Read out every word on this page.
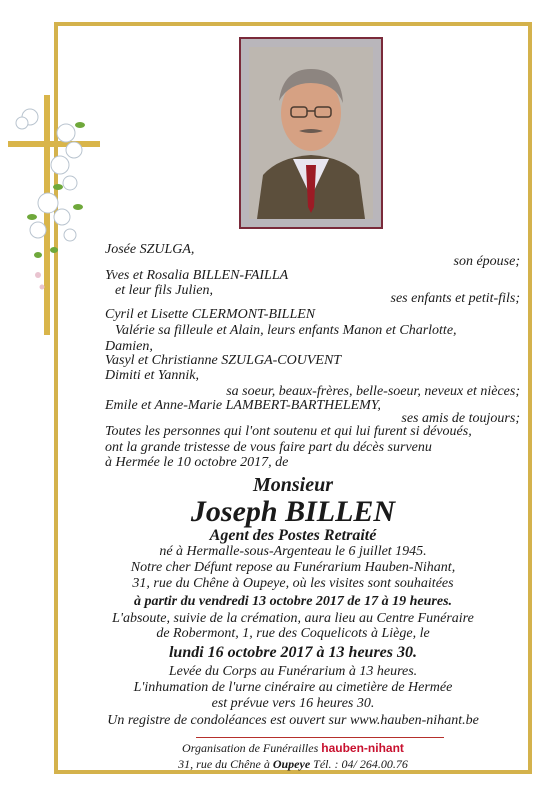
Josée SZULGA,
son épouse;
Yves et Rosalia BILLEN-FAILLA
et leur fils Julien,
ses enfants et petit-fils;
Cyril et Lisette CLERMONT-BILLEN
Valérie sa filleule et Alain, leurs enfants Manon et Charlotte,
Damien,
Vasyl et Christianne SZULGA-COUVENT
Dimiti et Yannik,
sa soeur, beaux-frères, belle-soeur, neveux et nièces;
Emile et Anne-Marie LAMBERT-BARTHELEMY,
ses amis de toujours;
Toutes les personnes qui l'ont soutenu et qui lui furent si dévoués,
ont la grande tristesse de vous faire part du décès survenu
à Hermée le 10 octobre 2017, de
Monsieur
Joseph BILLEN
Agent des Postes Retraité
né à Hermalle-sous-Argenteau le 6 juillet 1945.
Notre cher Défunt repose au Funérarium Hauben-Nihant,
31, rue du Chêne à Oupeye, où les visites sont souhaitées
à partir du vendredi 13 octobre 2017 de 17 à 19 heures.
L'absoute, suivie de la crémation, aura lieu au Centre Funéraire
de Robermont, 1, rue des Coquelicots à Liège, le
lundi 16 octobre 2017 à 13 heures 30.
Levée du Corps au Funérarium à 13 heures.
L'inhumation de l'urne cinéraire au cimetière de Hermée
est prévue vers 16 heures 30.
Un registre de condoléances est ouvert sur www.hauben-nihant.be
Organisation de Funérailles hauben-nihant
31, rue du Chêne à Oupeye Tél. : 04/ 264.00.76
